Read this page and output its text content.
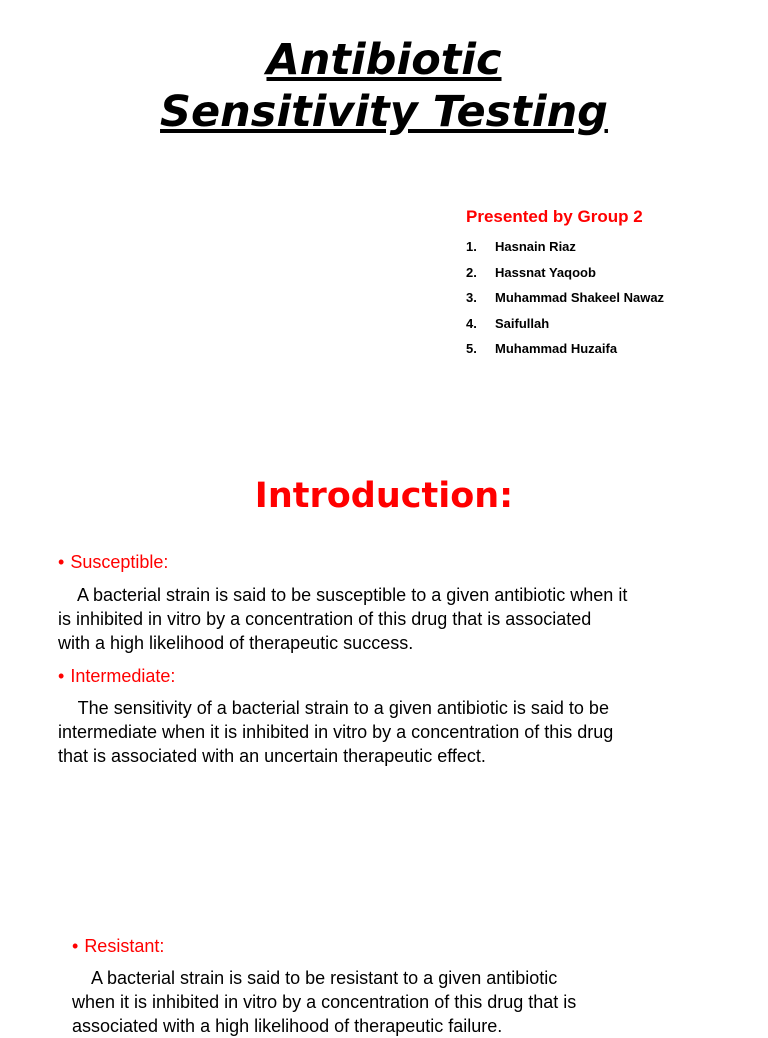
Antibiotic
Sensitivity Testing

Presented by Group 2

1.	Hasnain Riaz
2.	Hassnat Yaqoob
3.	Muhammad Shakeel Nawaz
4.	Saifullah
5.	Muhammad Huzaifa
Introduction:

• Susceptible:

A bacterial strain is said to be susceptible to a given antibiotic when it
is inhibited in vitro by a concentration of this drug that is associated
with a high likelihood of therapeutic success.

• Intermediate:

The sensitivity of a bacterial strain to a given antibiotic is said to be
intermediate when it is inhibited in vitro by a concentration of this drug
that is associated with an uncertain therapeutic effect.

• Resistant:

A bacterial strain is said to be resistant to a given antibiotic
when it is inhibited in vitro by a concentration of this drug that is
associated with a high likelihood of therapeutic failure.
